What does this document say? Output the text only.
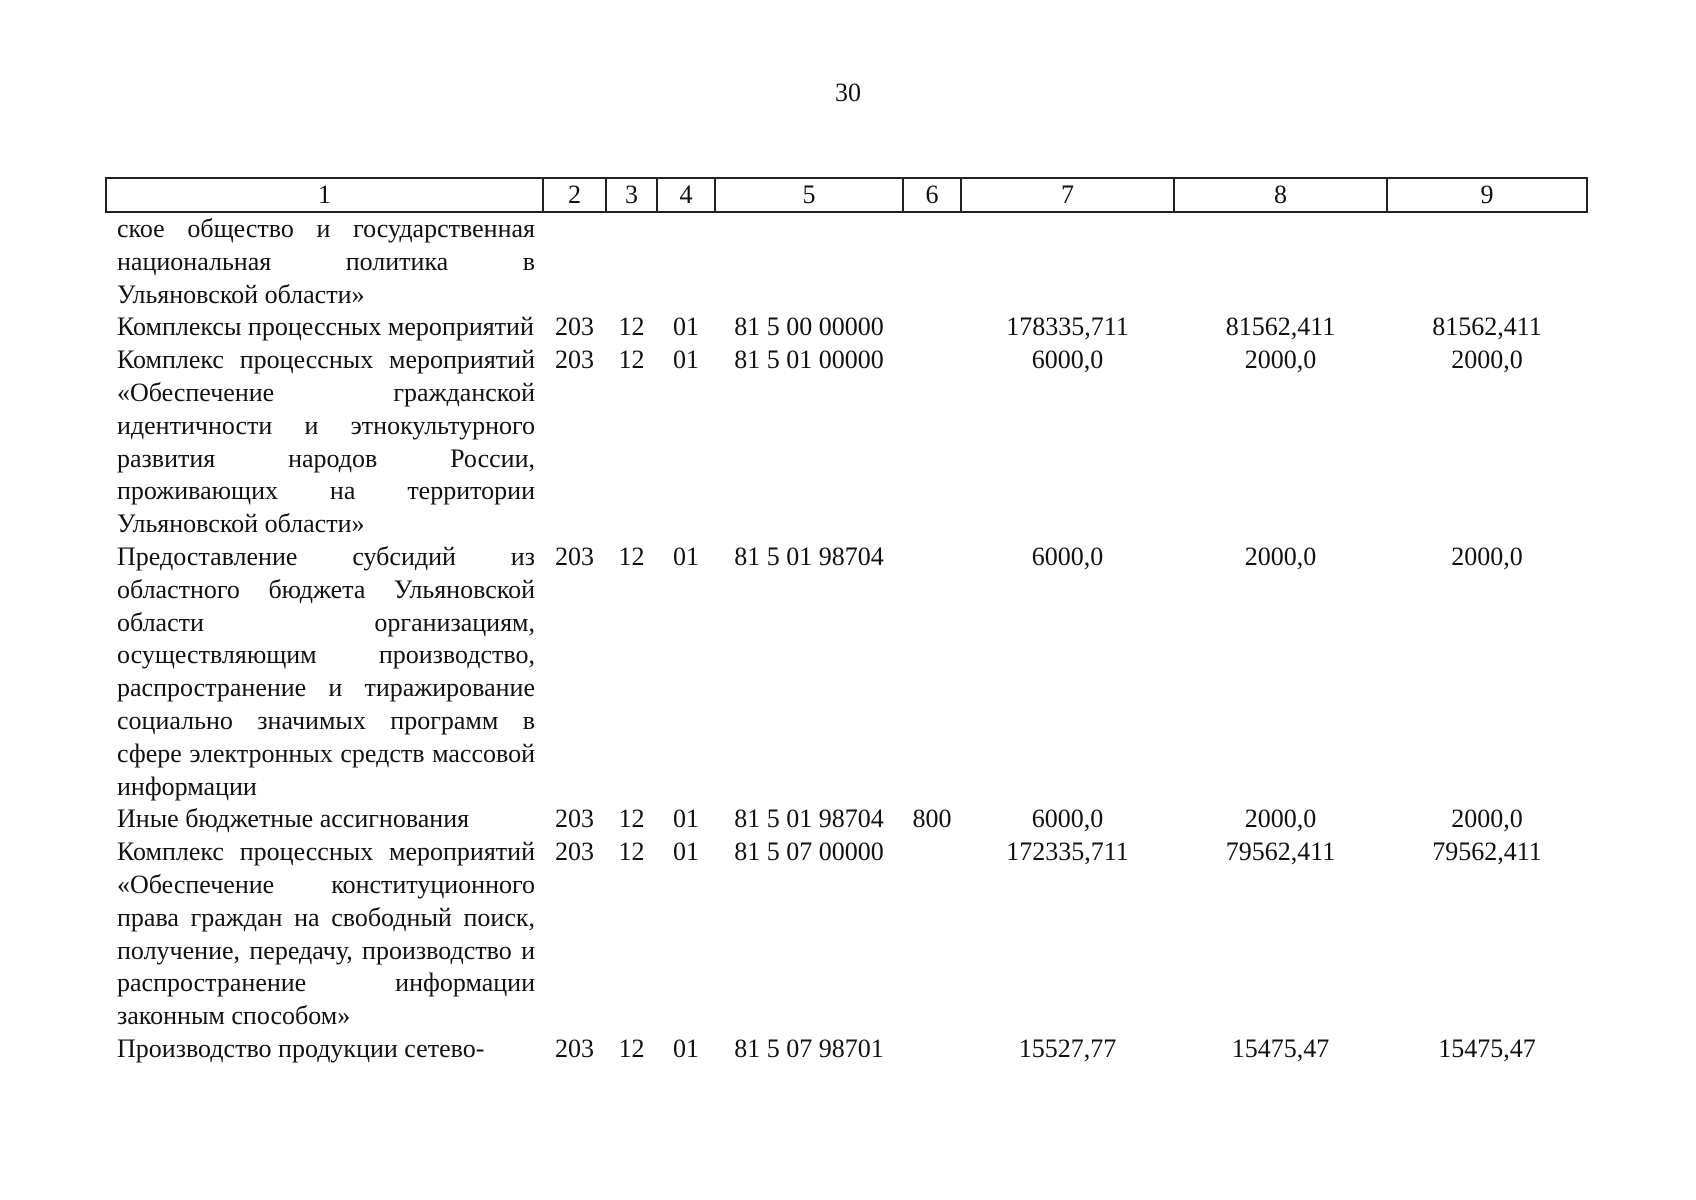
30
1	2	3	4	5	6	7	8	9
ское общество и государственная национальная политика в Ульяновской области»								
Комплексы процессных мероприятий	203	12	01	81 5 00 00000		178335,711	81562,411	81562,411
Комплекс процессных мероприятий «Обеспечение гражданской идентичности и этнокультурного развития народов России, проживающих на территории Ульяновской области»	203	12	01	81 5 01 00000		6000,0	2000,0	2000,0
Предоставление субсидий из областного бюджета Ульяновской области организациям, осуществляющим производство, распространение и тиражирование социально значимых программ в сфере электронных средств массовой информации	203	12	01	81 5 01 98704		6000,0	2000,0	2000,0
Иные бюджетные ассигнования	203	12	01	81 5 01 98704	800	6000,0	2000,0	2000,0
Комплекс процессных мероприятий «Обеспечение конституционного права граждан на свободный поиск, получение, передачу, производство и распространение информации законным способом»	203	12	01	81 5 07 00000		172335,711	79562,411	79562,411
Производство продукции сетево-	203	12	01	81 5 07 98701		15527,77	15475,47	15475,47
